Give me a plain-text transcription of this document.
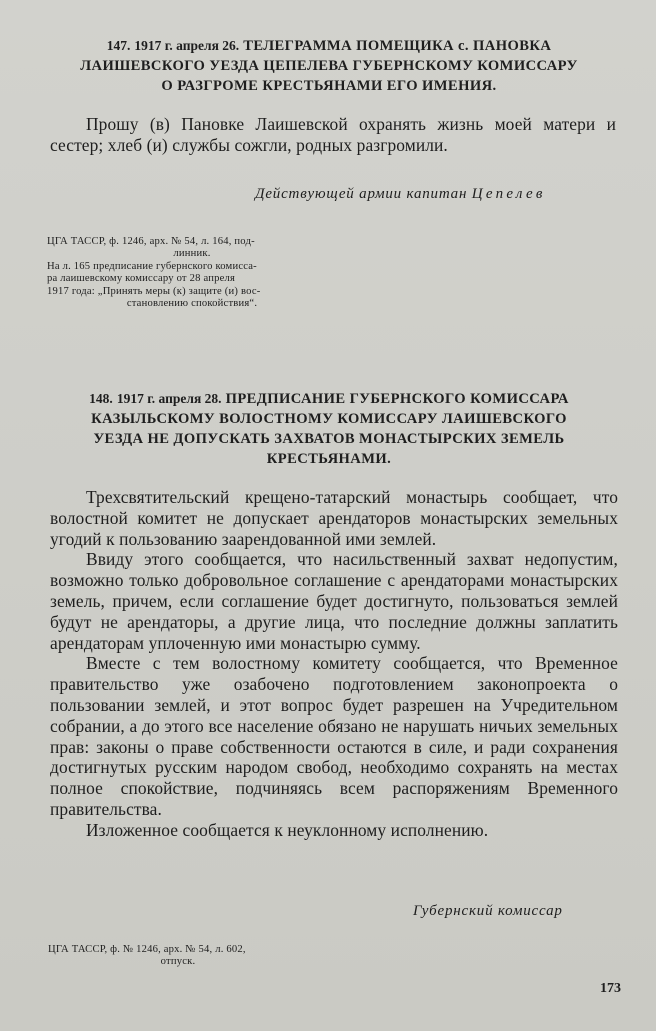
147. 1917 г. апреля 26. ТЕЛЕГРАММА ПОМЕЩИКА с. ПАНОВКА
ЛАИШЕВСКОГО УЕЗДА ЦЕПЕЛЕВА ГУБЕРНСКОМУ КОМИССАРУ
О РАЗГРОМЕ КРЕСТЬЯНАМИ ЕГО ИМЕНИЯ.

Прошу (в) Пановке Лаишевской охранять жизнь моей матери и сестер; хлеб (и) службы сожгли, родных разгромили.

Действующей армии капитан Цепелев
ЦГА ТАССР, ф. 1246, арх. № 54, л. 164, под-
линник.
На л. 165 предписание губернского комисса-
ра лаишевскому комиссару от 28 апреля
1917 года: „Принять меры (к) защите (и) вос-
становлению спокойствия“.
148. 1917 г. апреля 28. ПРЕДПИСАНИЕ ГУБЕРНСКОГО КОМИССАРА
КАЗЫЛЬСКОМУ ВОЛОСТНОМУ КОМИССАРУ ЛАИШЕВСКОГО
УЕЗДА НЕ ДОПУСКАТЬ ЗАХВАТОВ МОНАСТЫРСКИХ ЗЕМЕЛЬ
КРЕСТЬЯНАМИ.

Трехсвятительский крещено-татарский монастырь сообщает, что волостной комитет не допускает арендаторов монастырских земельных угодий к пользованию заарендованной ими землей.

Ввиду этого сообщается, что насильственный захват недопустим, возможно только добровольное соглашение с арендаторами монастырских земель, причем, если соглашение будет достигнуто, пользоваться землей будут не арендаторы, а другие лица, что последние должны заплатить арендаторам уплоченную ими монастырю сумму.

Вместе с тем волостному комитету сообщается, что Временное правительство уже озабочено подготовлением законопроекта о пользовании землей, и этот вопрос будет разрешен на Учредительном собрании, а до этого все население обязано не нарушать ничьих земельных прав: законы о праве собственности остаются в силе, и ради сохранения достигнутых русским народом свобод, необходимо сохранять на местах полное спокойствие, подчиняясь всем распоряжениям Временного правительства.

Изложенное сообщается к неуклонному исполнению.

Губернский комиссар
ЦГА ТАССР, ф. № 1246, арх. № 54, л. 602,
отпуск.
173
